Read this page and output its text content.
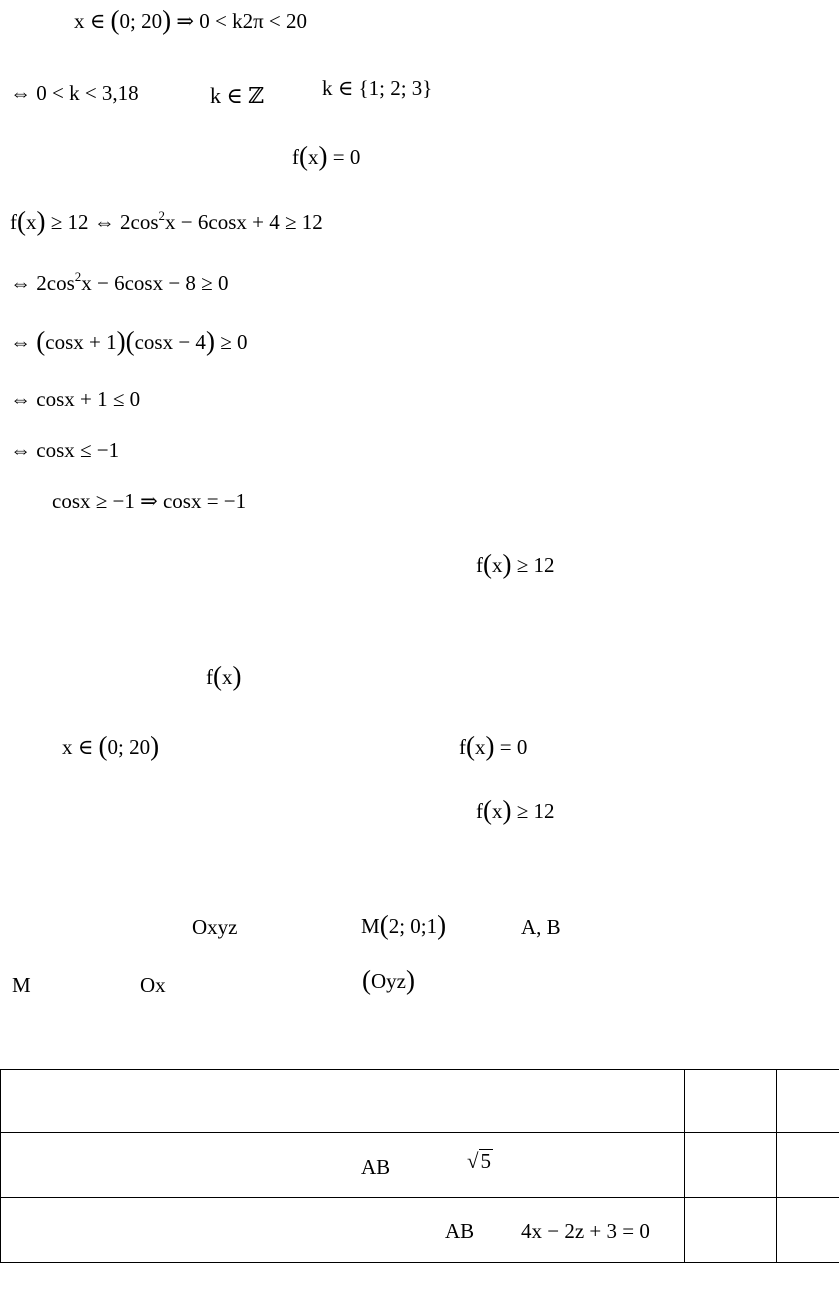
x ∈ (0; 20) ⇒ 0 < k2π < 20
⇔ 0 < k < 3,18	k ∈ ℤ	k ∈ {1; 2; 3}
f(x) = 0
f(x) ≥ 12 ⇔ $2\cos^2x - 6\cos x + 4 \ge 12$
⇔ $2\cos^2x - 6\cos x - 8 \ge 0$
⇔ (cosx + 1)(cosx − 4) ≥ 0
⇔ cosx + 1 ≤ 0
⇔ cosx ≤ −1
cosx ≥ −1 ⇒ cosx = −1
f(x) ≥ 12
f(x)
x ∈ (0; 20)	f(x) = 0
f(x) ≥ 12
Oxyz	M(2; 0;1)	A, B
M	Ox	(Oyz)

AB √5		

AB 4x − 2z + 3 = 0		
